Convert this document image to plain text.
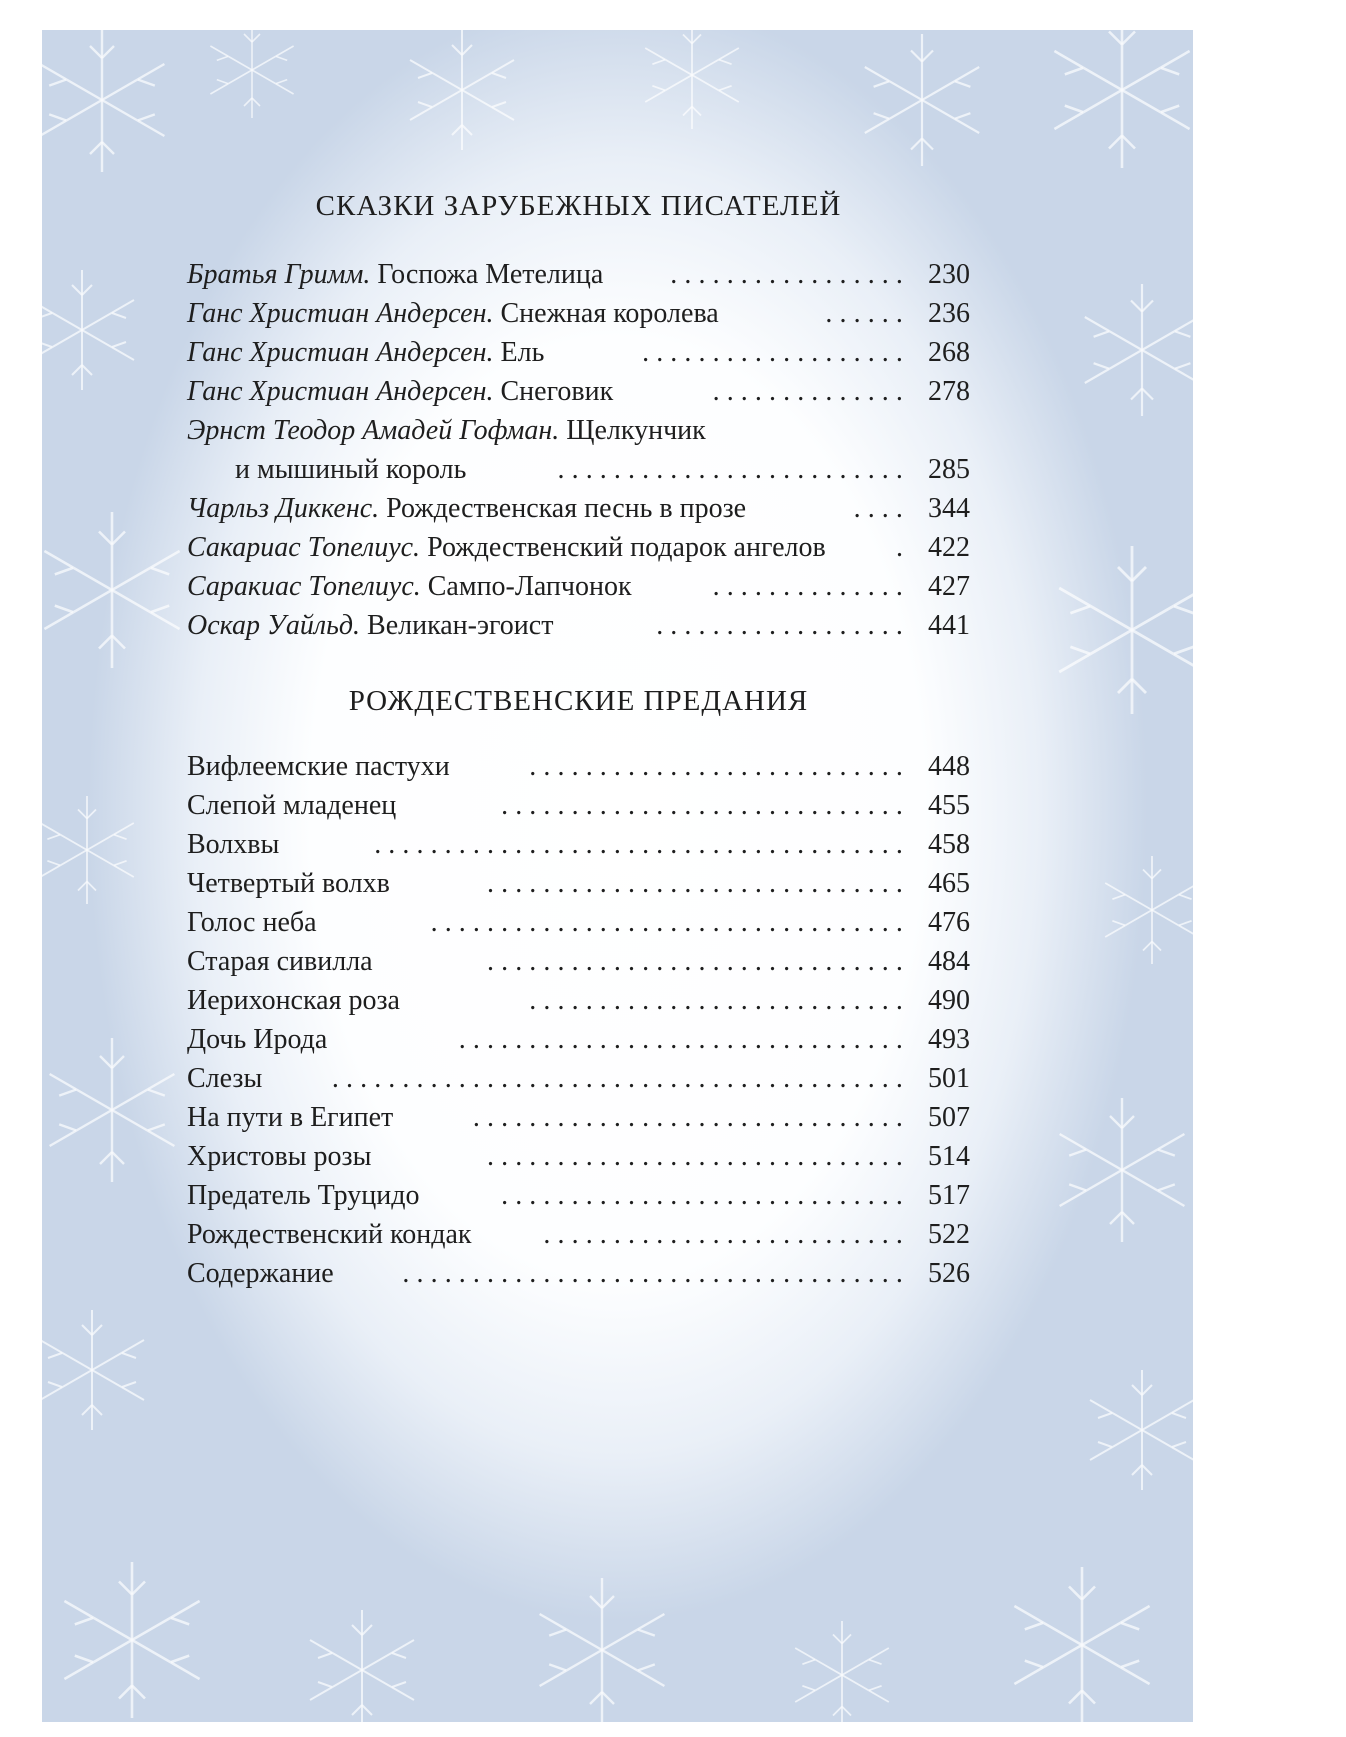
СКАЗКИ ЗАРУБЕЖНЫХ ПИСАТЕЛЕЙ
Братья Гримм. Госпожа Метелица ................. 230
Ганс Христиан Андерсен. Снежная королева	...... 236
Ганс Христиан Андерсен. Ель	................... 268
Ганс Христиан Андерсен. Снеговик	.............. 278
Эрнст Теодор Амадей Гофман. Щелкунчик
и мышиный король	......................... 285
Чарльз Диккенс. Рождественская песнь в прозе	.... 344
Сакариас Топелиус. Рождественский подарок ангелов	. 422
Саракиас Топелиус. Сампо-Лапчонок	.............. 427
Оскар Уайльд. Великан-эгоист	.................. 441
РОЖДЕСТВЕНСКИЕ ПРЕДАНИЯ
Вифлеемские пастухи	........................... 448
Слепой младенец	............................. 455
Волхвы	...................................... 458
Четвертый волхв	.............................. 465
Голос неба	.................................. 476
Старая сивилла	.............................. 484
Иерихонская роза	........................... 490
Дочь Ирода	................................ 493
Слезы	......................................... 501
На пути в Египет	............................... 507
Христовы розы	.............................. 514
Предатель Труцидо	............................. 517
Рождественский кондак	.......................... 522
Содержание	.................................... 526
